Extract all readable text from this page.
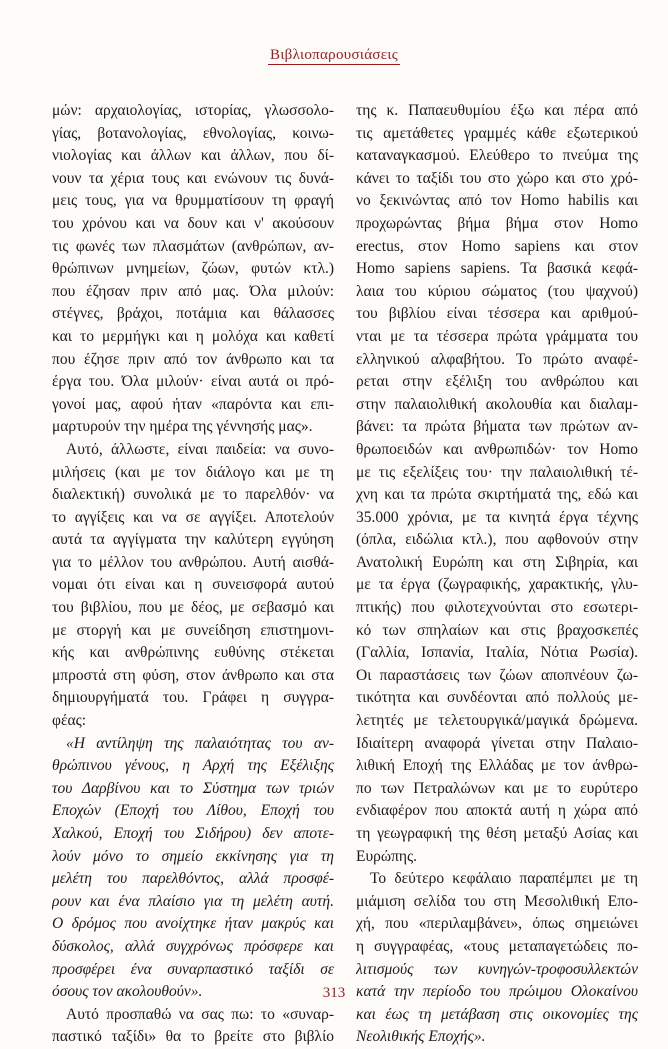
Βιβλιοπαρουσιάσεις
μών: αρχαιολογίας, ιστορίας, γλωσσολο-
γίας, βοτανολογίας, εθνολογίας, κοινω-
νιολογίας και άλλων και άλλων, που δί-
νουν τα χέρια τους και ενώνουν τις δυνά-
μεις τους, για να θρυμματίσουν τη φραγή
του χρόνου και να δουν και ν' ακούσουν
τις φωνές των πλασμάτων (ανθρώπων, αν-
θρώπινων μνημείων, ζώων, φυτών κτλ.)
που έζησαν πριν από μας. Όλα μιλούν:
στέγνες, βράχοι, ποτάμια και θάλασσες
και το μερμήγκι και η μολόχα και καθετί
που έζησε πριν από τον άνθρωπο και τα
έργα του. Όλα μιλούν· είναι αυτά οι πρό-
γονοί μας, αφού ήταν «παρόντα και επι-
μαρτυρούν την ημέρα της γέννησής μας».
Αυτό, άλλωστε, είναι παιδεία: να συνο-
μιλήσεις (και με τον διάλογο και με τη
διαλεκτική) συνολικά με το παρελθόν· να
το αγγίξεις και να σε αγγίξει. Αποτελούν
αυτά τα αγγίγματα την καλύτερη εγγύηση
για το μέλλον του ανθρώπου. Αυτή αισθά-
νομαι ότι είναι και η συνεισφορά αυτού
του βιβλίου, που με δέος, με σεβασμό και
με στοργή και με συνείδηση επιστημονι-
κής και ανθρώπινης ευθύνης στέκεται
μπροστά στη φύση, στον άνθρωπο και στα
δημιουργήματά του. Γράφει η συγγρα-
φέας:
«Η αντίληψη της παλαιότητας του αν-
θρώπινου γένους, η Αρχή της Εξέλιξης
του Δαρβίνου και το Σύστημα των τριών
Εποχών (Εποχή του Λίθου, Εποχή του
Χαλκού, Εποχή του Σιδήρου) δεν αποτε-
λούν μόνο το σημείο εκκίνησης για τη
μελέτη του παρελθόντος, αλλά προσφέ-
ρουν και ένα πλαίσιο για τη μελέτη αυτή.
Ο δρόμος που ανοίχτηκε ήταν μακρύς και
δύσκολος, αλλά συγχρόνως πρόσφερε και
προσφέρει ένα συναρπαστικό ταξίδι σε
όσους τον ακολουθούν».
Αυτό προσπαθώ να σας πω: το «συναρ-
παστικό ταξίδι» θα το βρείτε στο βιβλίο
της κ. Παπαευθυμίου έξω και πέρα από
τις αμετάθετες γραμμές κάθε εξωτερικού
καταναγκασμού. Ελεύθερο το πνεύμα της
κάνει το ταξίδι του στο χώρο και στο χρό-
νο ξεκινώντας από τον Homo habilis και
προχωρώντας βήμα βήμα στον Homo
erectus, στον Homo sapiens και στον
Homo sapiens sapiens. Τα βασικά κεφά-
λαια του κύριου σώματος (του ψαχνού)
του βιβλίου είναι τέσσερα και αριθμού-
νται με τα τέσσερα πρώτα γράμματα του
ελληνικού αλφαβήτου. Το πρώτο αναφέ-
ρεται στην εξέλιξη του ανθρώπου και
στην παλαιολιθική ακολουθία και διαλαμ-
βάνει: τα πρώτα βήματα των πρώτων αν-
θρωποειδών και ανθρωπιδών· τον Homo
με τις εξελίξεις του· την παλαιολιθική τέ-
χνη και τα πρώτα σκιρτήματά της, εδώ και
35.000 χρόνια, με τα κινητά έργα τέχνης
(όπλα, ειδώλια κτλ.), που αφθονούν στην
Ανατολική Ευρώπη και στη Σιβηρία, και
με τα έργα (ζωγραφικής, χαρακτικής, γλυ-
πτικής) που φιλοτεχνούνται στο εσωτερι-
κό των σπηλαίων και στις βραχοσκεπές
(Γαλλία, Ισπανία, Ιταλία, Νότια Ρωσία).
Οι παραστάσεις των ζώων αποπνέουν ζω-
τικότητα και συνδέονται από πολλούς με-
λετητές με τελετουργικά/μαγικά δρώμενα.
Ιδιαίτερη αναφορά γίνεται στην Παλαιο-
λιθική Εποχή της Ελλάδας με τον άνθρω-
πο των Πετραλώνων και με το ευρύτερο
ενδιαφέρον που αποκτά αυτή η χώρα από
τη γεωγραφική της θέση μεταξύ Ασίας και
Ευρώπης.
Το δεύτερο κεφάλαιο παραπέμπει με τη
μιάμιση σελίδα του στη Μεσολιθική Επο-
χή, που «περιλαμβάνει», όπως σημειώνει
η συγγραφέας, «τους μεταπαγετώδεις πο-
λιτισμούς των κυνηγών-τροφοσυλλεκτών
κατά την περίοδο του πρώιμου Ολοκαίνου
και έως τη μετάβαση στις οικονομίες της
Νεολιθικής Εποχής».
313
